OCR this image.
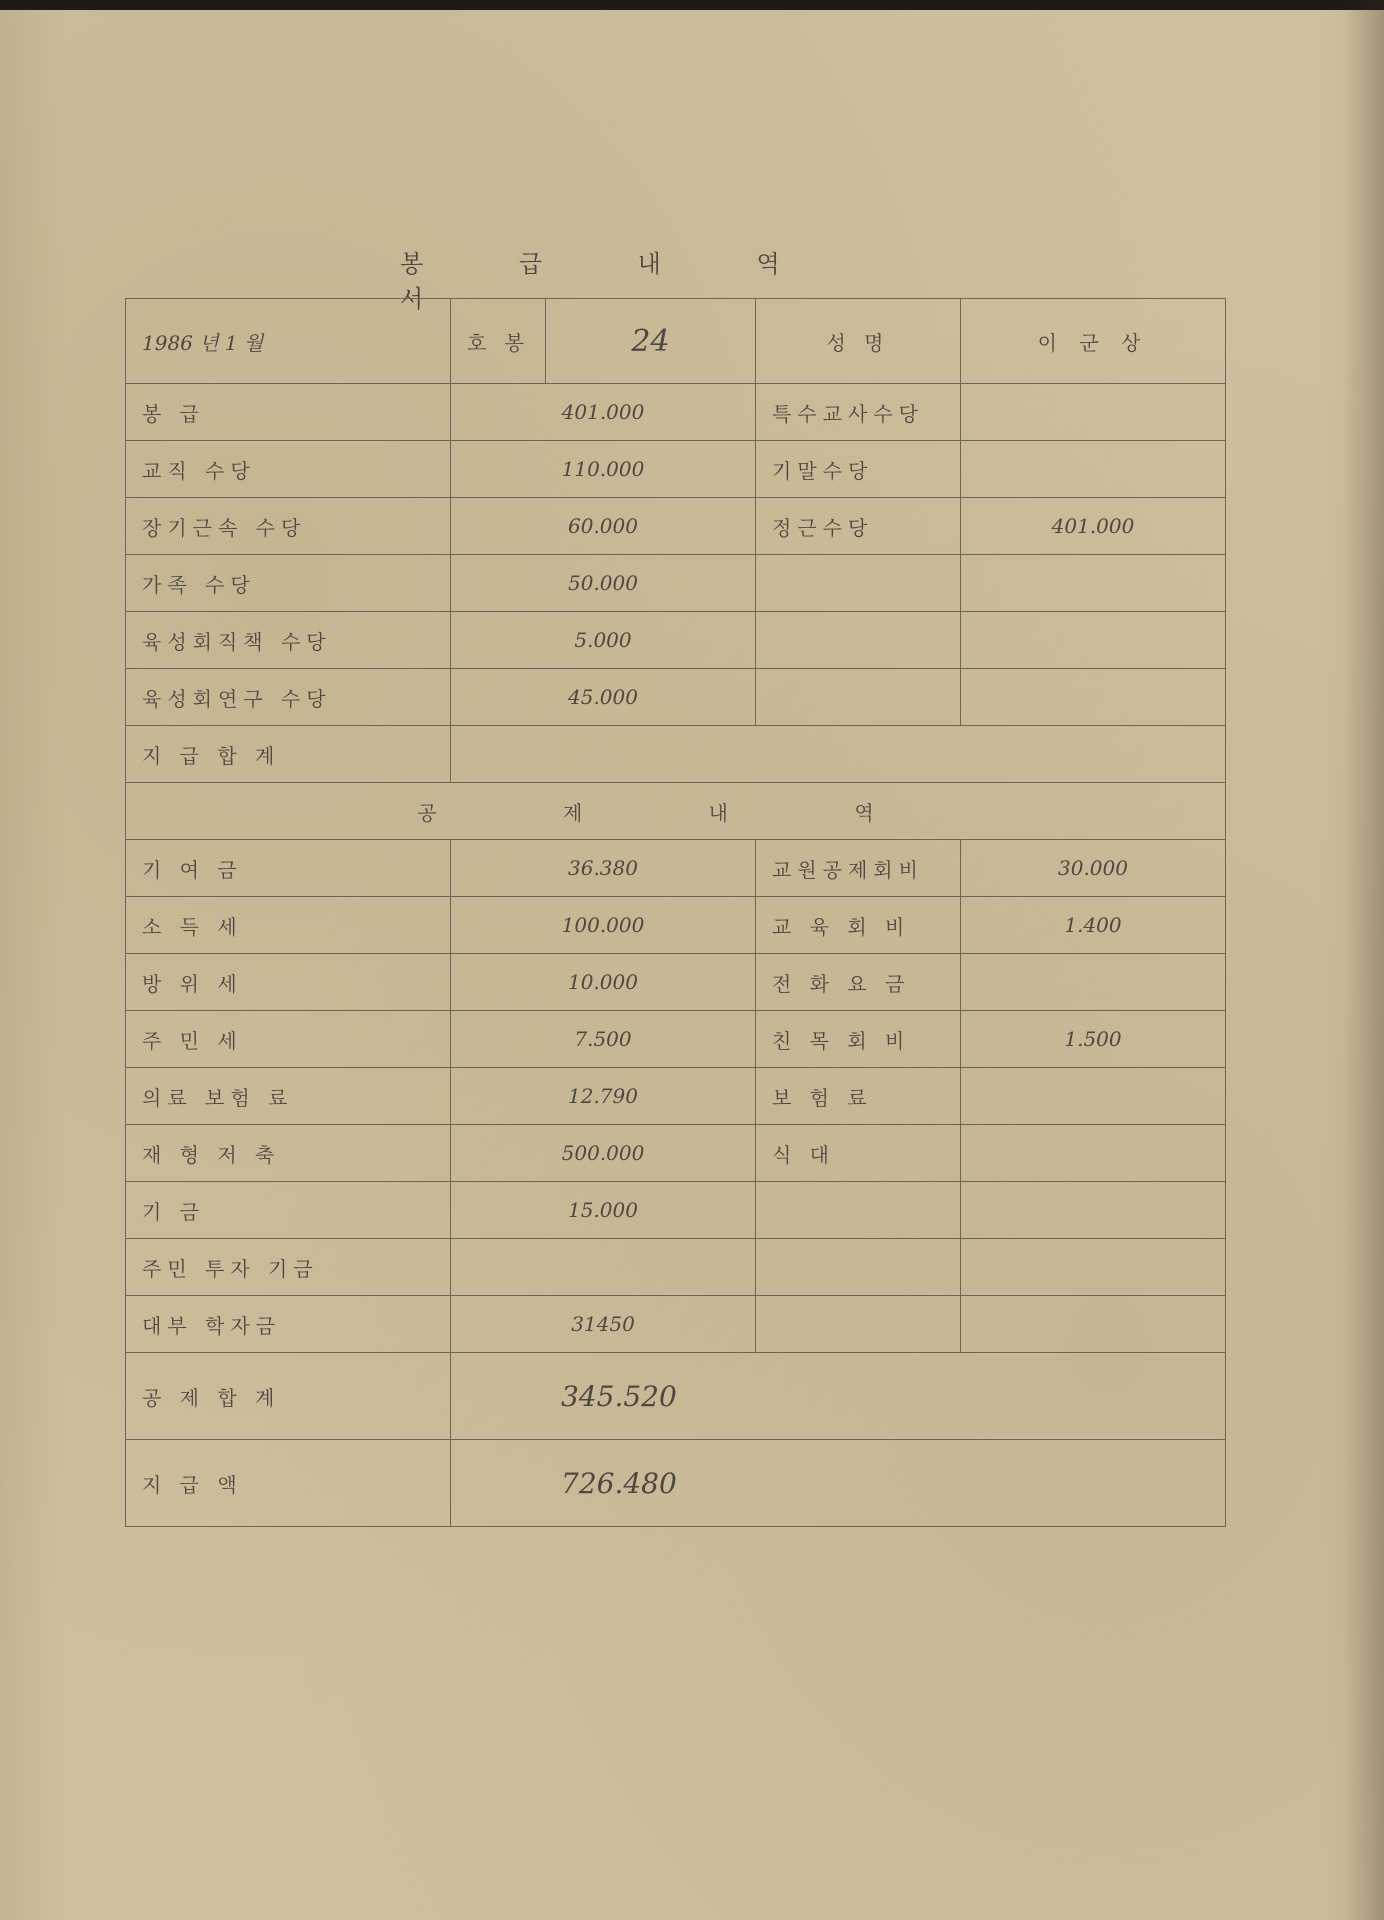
봉 급 내 역 서
1986 년 1 월	호 봉	24	성 명	이 군 상
봉 급	401.000		특수교사수당	
교직 수당	110.000		기말수당	
장기근속 수당	60.000		정근수당	401.000
가족 수당	50.000			
육성회직책 수당	5.000			
육성회연구 수당	45.000			
지 급 합 계				
공 제 내 역				
기 여 금	36.380		교원공제회비	30.000
소 득 세	100.000		교 육 회 비	1.400
방 위 세	10.000		전 화 요 금	
주 민 세	7.500		친 목 회 비	1.500
의료 보험 료	12.790		보 험 료	
재 형 저 축	500.000		식 대	
기 금	15.000			
주민 투자 기금				
대부 학자금	31450			
공 제 합 계	345.520			
지 급 액	726.480			
